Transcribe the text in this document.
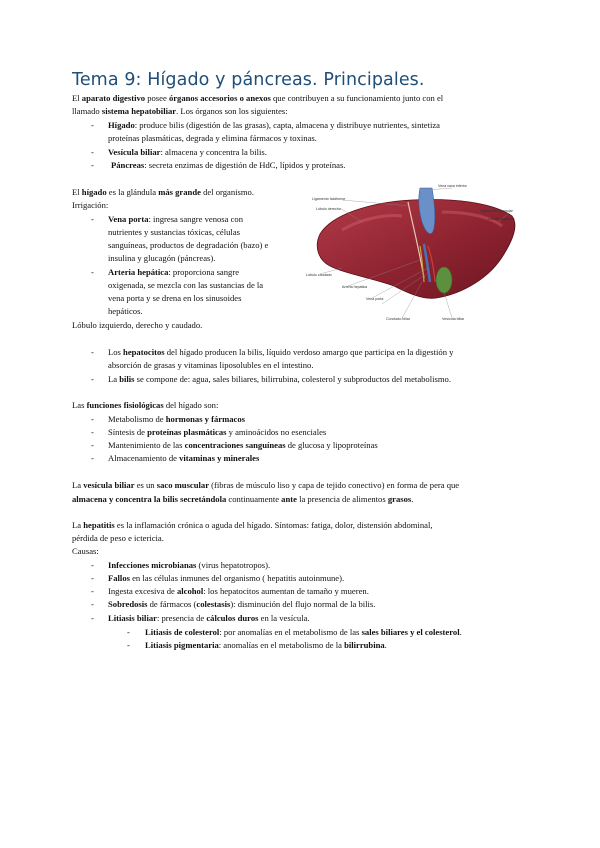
Tema 9: Hígado y páncreas. Principales.
El aparato digestivo posee órganos accesorios o anexos que contribuyen a su funcionamiento junto con el
llamado sistema hepatobiliar. Los órganos son los siguientes:
- Hígado: produce bilis (digestión de las grasas), capta, almacena y distribuye nutrientes, sintetiza
proteínas plasmáticas, degrada y elimina fármacos y toxinas.
- Vesícula biliar: almacena y concentra la bilis.
- Páncreas: secreta enzimas de digestión de HdC, lípidos y proteínas.
El hígado es la glándula más grande del organismo.
Irrigación:
- Vena porta: ingresa sangre venosa con
nutrientes y sustancias tóxicas, células
sanguíneas, productos de degradación (bazo) e
insulina y glucagón (páncreas).
- Arteria hepática: proporciona sangre
oxigenada, se mezcla con las sustancias de la
vena porta y se drena en los sinusoides
hepáticos.
Lóbulo izquierdo, derecho y caudado.
Vena cava inferior
Ligamento falciforme
Lóbulo derecho	Ligamento triangular
Lóbulo izquierdo
Lóbulo caudado
Arteria hepática
Vena porta
Conducto biliar	Vesícula biliar
- Los hepatocitos del hígado producen la bilis, líquido verdoso amargo que participa en la digestión y
absorción de grasas y vitaminas liposolubles en el intestino.
- La bilis se compone de: agua, sales biliares, bilirrubina, colesterol y subproductos del metabolismo.
Las funciones fisiológicas del hígado son:
- Metabolismo de hormonas y fármacos
- Síntesis de proteínas plasmáticas y aminoácidos no esenciales
- Mantenimiento de las concentraciones sanguíneas de glucosa y lipoproteínas
- Almacenamiento de vitaminas y minerales
La vesícula biliar es un saco muscular (fibras de músculo liso y capa de tejido conectivo) en forma de pera que
almacena y concentra la bilis secretándola continuamente ante la presencia de alimentos grasos.
La hepatitis es la inflamación crónica o aguda del hígado. Síntomas: fatiga, dolor, distensión abdominal,
pérdida de peso e ictericia.
Causas:
- Infecciones microbianas (virus hepatotropos).
- Fallos en las células inmunes del organismo ( hepatitis autoinmune).
- Ingesta excesiva de alcohol: los hepatocitos aumentan de tamaño y mueren.
- Sobredosis de fármacos (colestasis): disminución del flujo normal de la bilis.
- Litiasis biliar: presencia de cálculos duros en la vesícula.
- Litiasis de colesterol: por anomalías en el metabolismo de las sales biliares y el colesterol.
- Litiasis pigmentaria: anomalías en el metabolismo de la bilirrubina.
